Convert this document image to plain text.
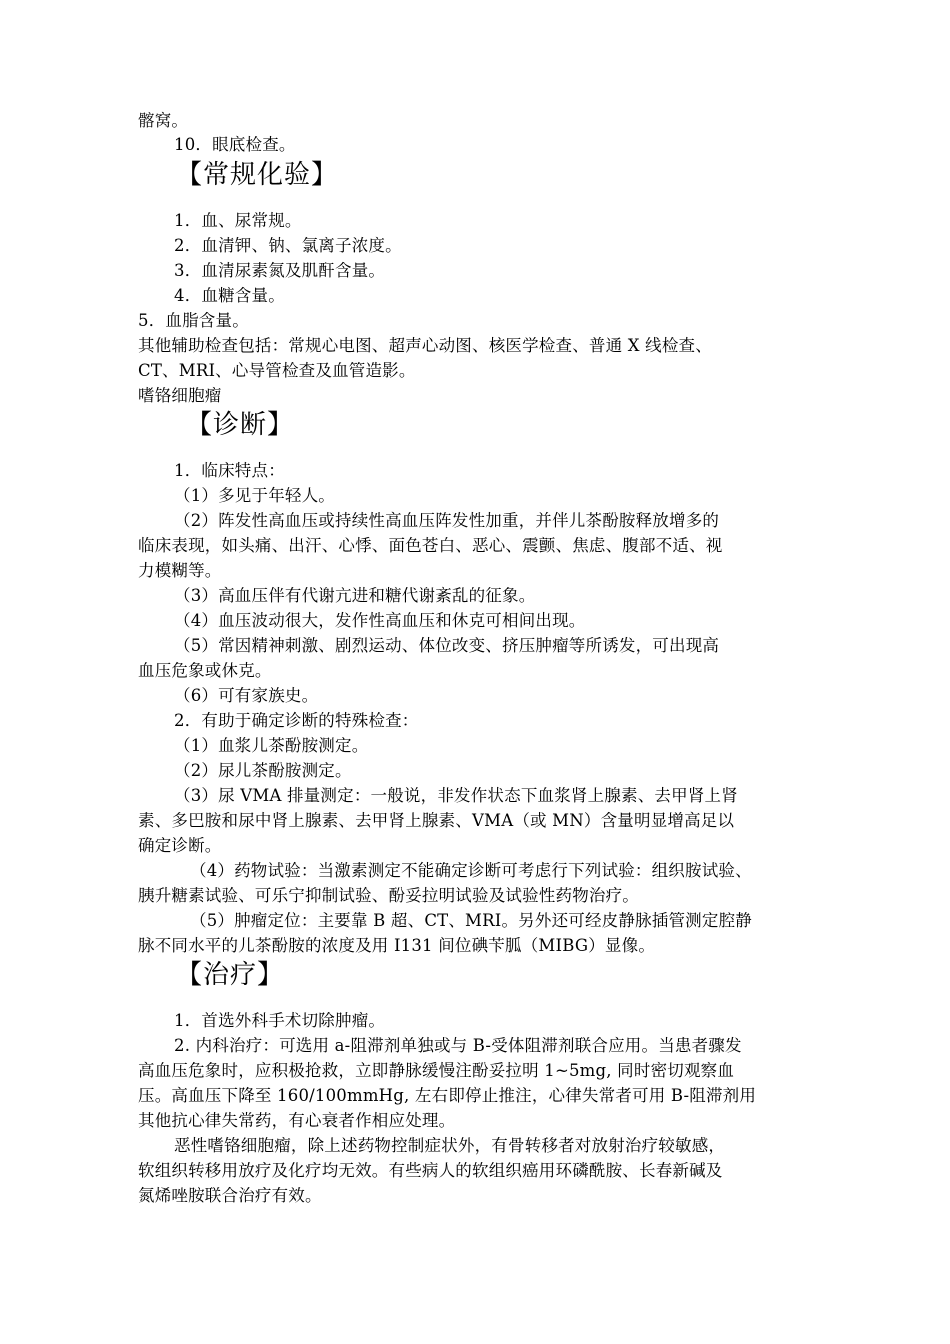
髂窝。
10．眼底检查。
【常规化验】
1．血、尿常规。
2．血清钾、钠、氯离子浓度。
3．血清尿素氮及肌酐含量。
4．血糖含量。
5．血脂含量。
其他辅助检查包括：常规心电图、超声心动图、核医学检查、普通 X 线检查、
CT、MRI、心导管检查及血管造影。
嗜铬细胞瘤
【诊断】
1．临床特点：
（1）多见于年轻人。
（2）阵发性高血压或持续性高血压阵发性加重，并伴儿茶酚胺释放增多的
临床表现，如头痛、出汗、心悸、面色苍白、恶心、震颤、焦虑、腹部不适、视
力模糊等。
（3）高血压伴有代谢亢进和糖代谢紊乱的征象。
（4）血压波动很大，发作性高血压和休克可相间出现。
（5）常因精神刺激、剧烈运动、体位改变、挤压肿瘤等所诱发，可出现高
血压危象或休克。
（6）可有家族史。
2．有助于确定诊断的特殊检查：
（1）血浆儿茶酚胺测定。
（2）尿儿茶酚胺测定。
（3）尿 VMA 排量测定：一般说，非发作状态下血浆肾上腺素、去甲肾上肾
素、多巴胺和尿中肾上腺素、去甲肾上腺素、VMA（或 MN）含量明显增高足以
确定诊断。
（4）药物试验：当激素测定不能确定诊断可考虑行下列试验：组织胺试验、
胰升糖素试验、可乐宁抑制试验、酚妥拉明试验及试验性药物治疗。
（5）肿瘤定位：主要靠 B 超、CT、MRI。另外还可经皮静脉插管测定腔静
脉不同水平的儿茶酚胺的浓度及用 I131 间位碘苄胍（MIBG）显像。
【治疗】
1．首选外科手术切除肿瘤。
2. 内科治疗：可选用 a-阻滞剂单独或与 B-受体阻滞剂联合应用。当患者骤发
高血压危象时，应积极抢救，立即静脉缓慢注酚妥拉明 1~5mg, 同时密切观察血
压。高血压下降至 160/100mmHg, 左右即停止推注，心律失常者可用 B-阻滞剂用
其他抗心律失常药，有心衰者作相应处理。
恶性嗜铬细胞瘤，除上述药物控制症状外，有骨转移者对放射治疗较敏感，
软组织转移用放疗及化疗均无效。有些病人的软组织癌用环磷酰胺、长春新碱及
氮烯唑胺联合治疗有效。
